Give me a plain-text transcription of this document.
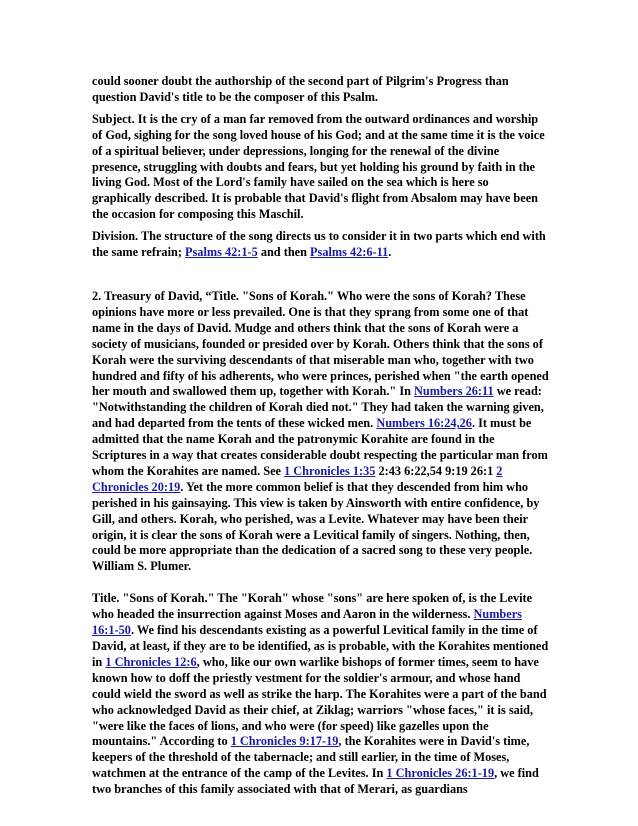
could sooner doubt the authorship of the second part of Pilgrim's Progress than question David's title to be the composer of this Psalm.

Subject. It is the cry of a man far removed from the outward ordinances and worship of God, sighing for the song loved house of his God; and at the same time it is the voice of a spiritual believer, under depressions, longing for the renewal of the divine presence, struggling with doubts and fears, but yet holding his ground by faith in the living God. Most of the Lord's family have sailed on the sea which is here so graphically described. It is probable that David's flight from Absalom may have been the occasion for composing this Maschil.

Division. The structure of the song directs us to consider it in two parts which end with the same refrain; Psalms 42:1-5 and then Psalms 42:6-11.

2. Treasury of David, “Title. "Sons of Korah." Who were the sons of Korah? These opinions have more or less prevailed. One is that they sprang from some one of that name in the days of David. Mudge and others think that the sons of Korah were a society of musicians, founded or presided over by Korah. Others think that the sons of Korah were the surviving descendants of that miserable man who, together with two hundred and fifty of his adherents, who were princes, perished when "the earth opened her mouth and swallowed them up, together with Korah." In Numbers 26:11 we read: "Notwithstanding the children of Korah died not." They had taken the warning given, and had departed from the tents of these wicked men. Numbers 16:24,26. It must be admitted that the name Korah and the patronymic Korahite are found in the Scriptures in a way that creates considerable doubt respecting the particular man from whom the Korahites are named. See 1 Chronicles 1:35 2:43 6:22,54 9:19 26:1 2 Chronicles 20:19. Yet the more common belief is that they descended from him who perished in his gainsaying. This view is taken by Ainsworth with entire confidence, by Gill, and others. Korah, who perished, was a Levite. Whatever may have been their origin, it is clear the sons of Korah were a Levitical family of singers. Nothing, then, could be more appropriate than the dedication of a sacred song to these very people. William S. Plumer.

Title. "Sons of Korah." The "Korah" whose "sons" are here spoken of, is the Levite who headed the insurrection against Moses and Aaron in the wilderness. Numbers 16:1-50. We find his descendants existing as a powerful Levitical family in the time of David, at least, if they are to be identified, as is probable, with the Korahites mentioned in 1 Chronicles 12:6, who, like our own warlike bishops of former times, seem to have known how to doff the priestly vestment for the soldier's armour, and whose hand could wield the sword as well as strike the harp. The Korahites were a part of the band who acknowledged David as their chief, at Ziklag; warriors "whose faces," it is said, "were like the faces of lions, and who were (for speed) like gazelles upon the mountains." According to 1 Chronicles 9:17-19, the Korahites were in David's time, keepers of the threshold of the tabernacle; and still earlier, in the time of Moses, watchmen at the entrance of the camp of the Levites. In 1 Chronicles 26:1-19, we find two branches of this family associated with that of Merari, as guardians
